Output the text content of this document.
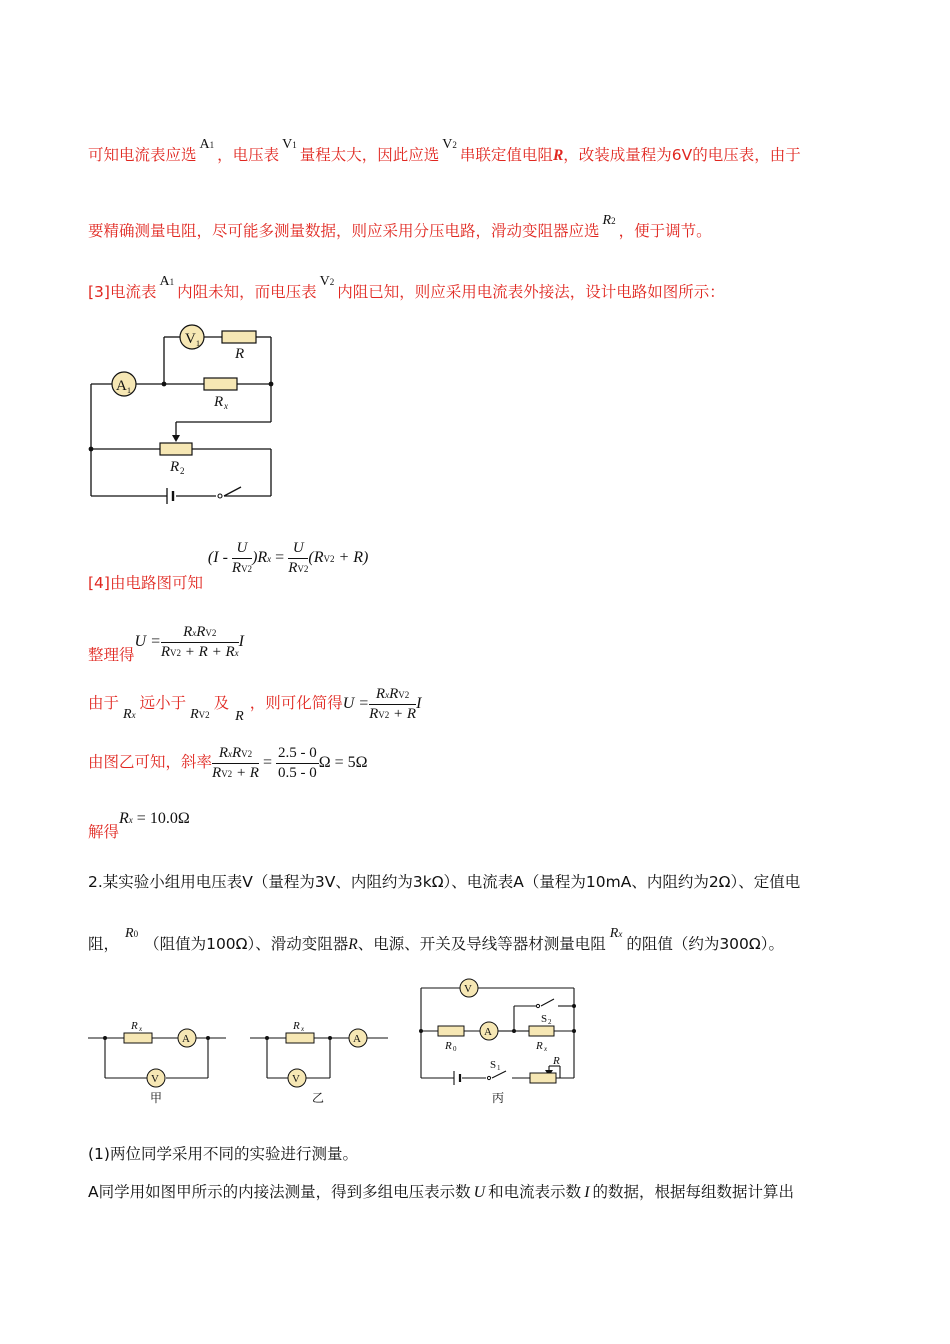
可知电流表应选A1，电压表V1量程太大，因此应选V2串联定值电阻R，改装成量程为6V的电压表，由于
要精确测量电阻，尽可能多测量数据，则应采用分压电路，滑动变阻器应选R2，便于调节。
[3]电流表A1内阻未知，而电压表V2内阻已知，则应采用电流表外接法，设计电路如图所示：
V 1
R
A 1
R x
R 2
[4]由电路图可知 $(I - \frac{U}{RV2} )Rx = \frac{U}{RV2} (RV2 + R)$
整理得$U = \frac{\text{RxRV2}}{RV2 + R + Rx}$ I
由于Rx远小于RV2及R，则可化简得$U = \frac{\text{RxRV2}}{RV2 + R}$ I
由图乙可知，斜率 $\frac{\text{RxRV2}}{RV2 + R} = \frac{2.5 - 0}{0.5 - 0}$ Ω = 5Ω
解得Rx = 10.0Ω
2.某实验小组用电压表V（量程为3V、内阻约为3kΩ）、电流表A（量程为10mA、内阻约为2Ω）、定值电
阻，R0（阻值为100Ω）、滑动变阻器R、电源、开关及导线等器材测量电阻Rx的阻值（约为300Ω）。
R x
A
V
甲
R x
A
V
乙
V
R 0
A
R x
S 2
S 1
R
丙
(1)两位同学采用不同的实验进行测量。
A同学用如图甲所示的内接法测量，得到多组电压表示数 U 和电流表示数 I 的数据，根据每组数据计算出
